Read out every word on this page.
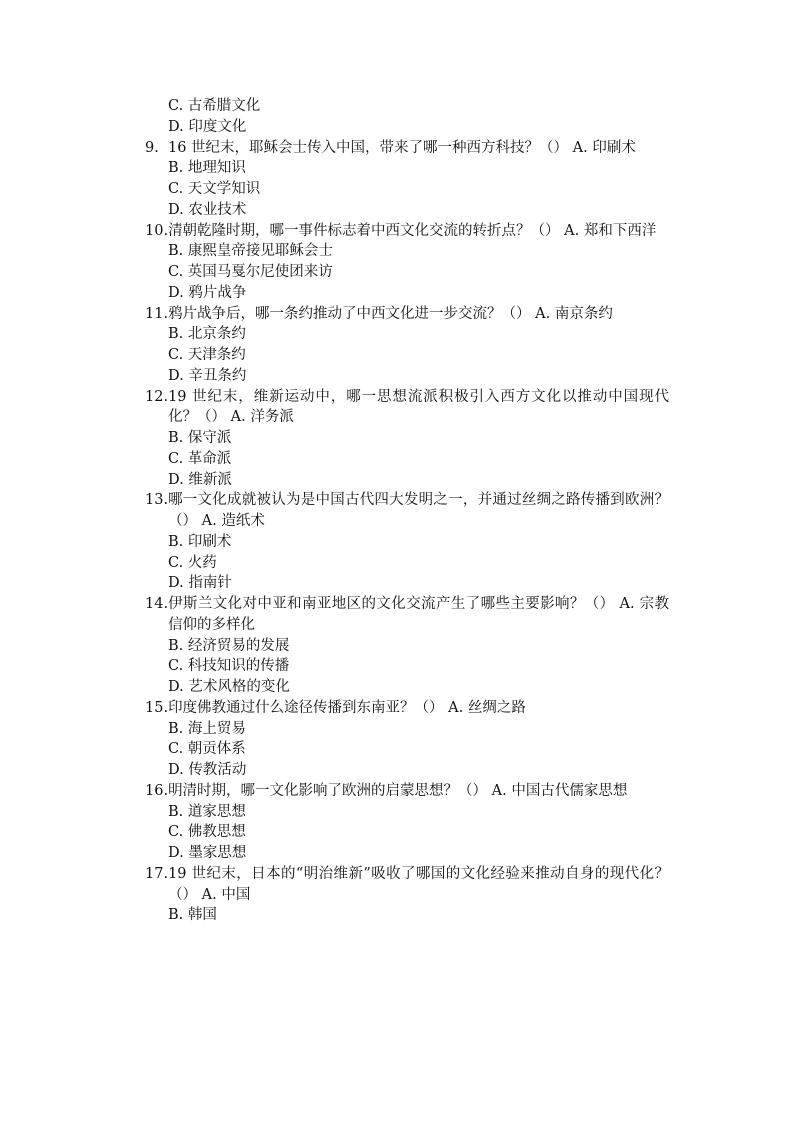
C. 古希腊文化
D. 印度文化
9. 16 世纪末，耶稣会士传入中国，带来了哪一种西方科技？（） A. 印刷术
B. 地理知识
C. 天文学知识
D. 农业技术
10. 清朝乾隆时期，哪一事件标志着中西文化交流的转折点？（） A. 郑和下西洋
B. 康熙皇帝接见耶稣会士
C. 英国马戛尔尼使团来访
D. 鸦片战争
11. 鸦片战争后，哪一条约推动了中西文化进一步交流？（） A. 南京条约
B. 北京条约
C. 天津条约
D. 辛丑条约
12. 19 世纪末，维新运动中，哪一思想流派积极引入西方文化以推动中国现代化？（） A. 洋务派
B. 保守派
C. 革命派
D. 维新派
13. 哪一文化成就被认为是中国古代四大发明之一，并通过丝绸之路传播到欧洲？（） A. 造纸术
B. 印刷术
C. 火药
D. 指南针
14. 伊斯兰文化对中亚和南亚地区的文化交流产生了哪些主要影响？（） A. 宗教信仰的多样化
B. 经济贸易的发展
C. 科技知识的传播
D. 艺术风格的变化
15. 印度佛教通过什么途径传播到东南亚？（） A. 丝绸之路
B. 海上贸易
C. 朝贡体系
D. 传教活动
16. 明清时期，哪一文化影响了欧洲的启蒙思想？（） A. 中国古代儒家思想
B. 道家思想
C. 佛教思想
D. 墨家思想
17. 19 世纪末，日本的“明治维新”吸收了哪国的文化经验来推动自身的现代化？（） A. 中国
B. 韩国
